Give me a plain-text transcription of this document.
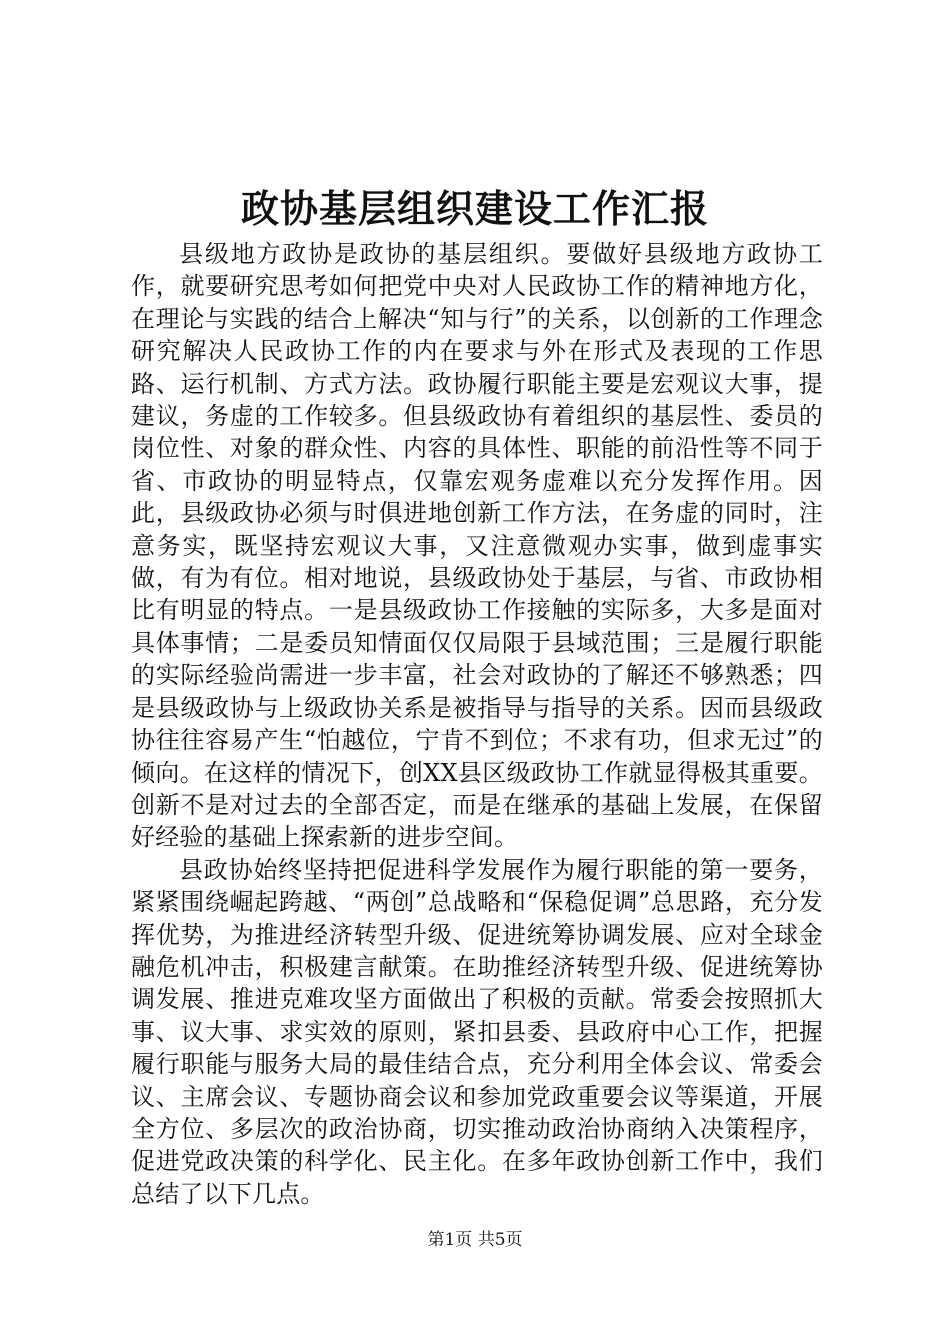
政协基层组织建设工作汇报

县级地方政协是政协的基层组织。要做好县级地方政协工作，就要研究思考如何把党中央对人民政协工作的精神地方化，在理论与实践的结合上解决“知与行”的关系，以创新的工作理念研究解决人民政协工作的内在要求与外在形式及表现的工作思路、运行机制、方式方法。政协履行职能主要是宏观议大事，提建议，务虚的工作较多。但县级政协有着组织的基层性、委员的岗位性、对象的群众性、内容的具体性、职能的前沿性等不同于省、市政协的明显特点，仅靠宏观务虚难以充分发挥作用。因此，县级政协必须与时俱进地创新工作方法，在务虚的同时，注意务实，既坚持宏观议大事，又注意微观办实事，做到虚事实做，有为有位。相对地说，县级政协处于基层，与省、市政协相比有明显的特点。一是县级政协工作接触的实际多，大多是面对具体事情；二是委员知情面仅仅局限于县域范围；三是履行职能的实际经验尚需进一步丰富，社会对政协的了解还不够熟悉；四是县级政协与上级政协关系是被指导与指导的关系。因而县级政协往往容易产生“怕越位，宁肯不到位；不求有功，但求无过”的倾向。在这样的情况下，创XX县区级政协工作就显得极其重要。创新不是对过去的全部否定，而是在继承的基础上发展，在保留好经验的基础上探索新的进步空间。

县政协始终坚持把促进科学发展作为履行职能的第一要务，紧紧围绕崛起跨越、“两创”总战略和“保稳促调”总思路，充分发挥优势，为推进经济转型升级、促进统筹协调发展、应对全球金融危机冲击，积极建言献策。在助推经济转型升级、促进统筹协调发展、推进克难攻坚方面做出了积极的贡献。常委会按照抓大事、议大事、求实效的原则，紧扣县委、县政府中心工作，把握履行职能与服务大局的最佳结合点，充分利用全体会议、常委会议、主席会议、专题协商会议和参加党政重要会议等渠道，开展全方位、多层次的政治协商，切实推动政治协商纳入决策程序，促进党政决策的科学化、民主化。在多年政协创新工作中，我们总结了以下几点。

第1页 共5页
